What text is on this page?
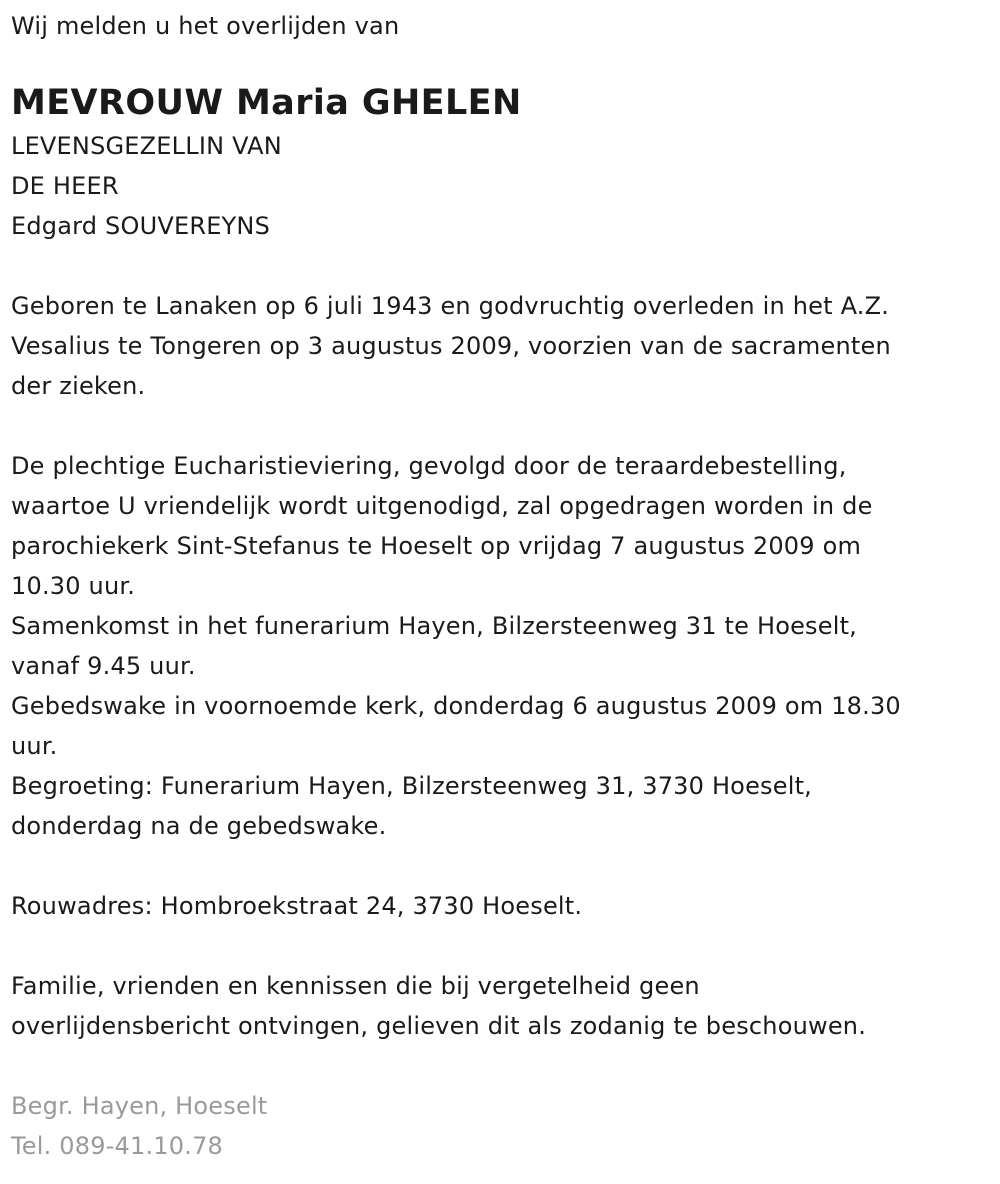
Wij melden u het overlijden van
MEVROUW Maria GHELEN
LEVENSGEZELLIN VAN
DE HEER
Edgard SOUVEREYNS
Geboren te Lanaken op 6 juli 1943 en godvruchtig overleden in het A.Z.
Vesalius te Tongeren op 3 augustus 2009, voorzien van de sacramenten
der zieken.
De plechtige Eucharistieviering, gevolgd door de teraardebestelling,
waartoe U vriendelijk wordt uitgenodigd, zal opgedragen worden in de
parochiekerk Sint-Stefanus te Hoeselt op vrijdag 7 augustus 2009 om
10.30 uur.
Samenkomst in het funerarium Hayen, Bilzersteenweg 31 te Hoeselt,
vanaf 9.45 uur.
Gebedswake in voornoemde kerk, donderdag 6 augustus 2009 om 18.30
uur.
Begroeting: Funerarium Hayen, Bilzersteenweg 31, 3730 Hoeselt,
donderdag na de gebedswake.
Rouwadres: Hombroekstraat 24, 3730 Hoeselt.
Familie, vrienden en kennissen die bij vergetelheid geen
overlijdensbericht ontvingen, gelieven dit als zodanig te beschouwen.
Begr. Hayen, Hoeselt
Tel. 089-41.10.78
